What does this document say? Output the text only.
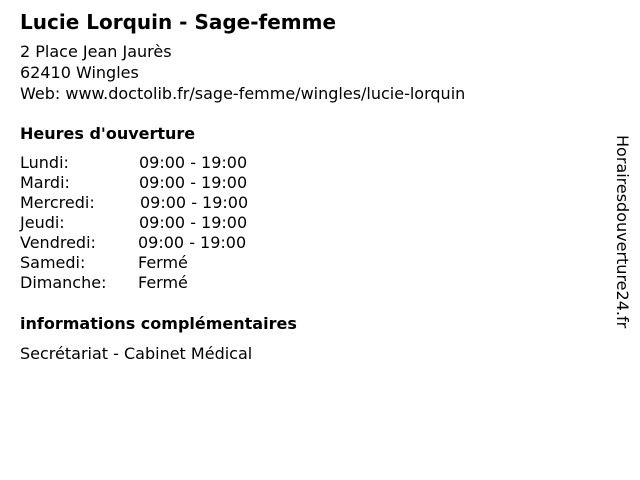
Lucie Lorquin - Sage-femme
2 Place Jean Jaurès
62410 Wingles
Web: www.doctolib.fr/sage-femme/wingles/lucie-lorquin
Heures d'ouverture
Lundi:	09:00 - 19:00
Mardi:	09:00 - 19:00
Mercredi:	09:00 - 19:00
Jeudi:	09:00 - 19:00
Vendredi:	09:00 - 19:00
Samedi:	Fermé
Dimanche: Fermé
informations complémentaires
Secrétariat - Cabinet Médical
Horairesdouverture24.fr
